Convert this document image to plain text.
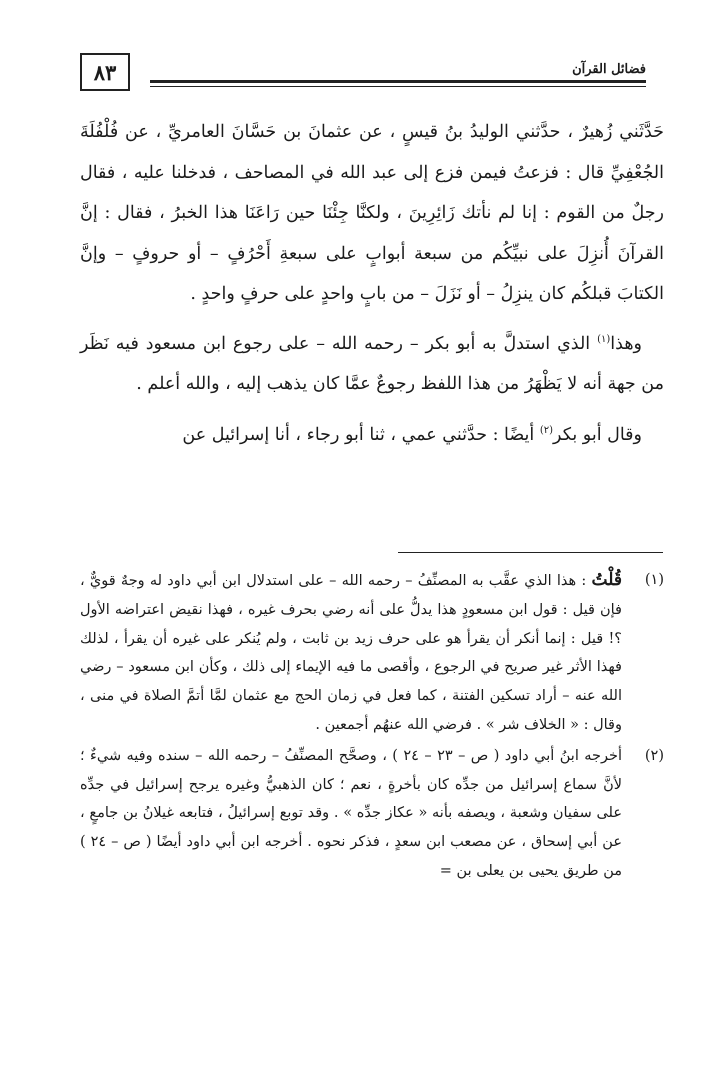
٨٣	فضائل القرآن

حَدَّثَني زُهيرٌ ، حدَّثني الوليدُ بنُ قيسٍ ، عن عثمانَ بن حَسَّانَ العامريِّ ، عن فُلْفُلَةَ الجُعْفِيِّ قال : فزعتُ فيمن فزع إلى عبد الله في المصاحف ، فدخلنا عليه ، فقال رجلٌ من القوم : إنا لم نأتك زَائِرِينَ ، ولكنَّا جِئْنَا حين رَاعَنَا هذا الخبرُ ، فقال : إنَّ القرآنَ أُنزِلَ على نبيِّكُم من سبعة أبوابٍ على سبعةِ أَحْرُفٍ – أو حروفٍ – وإنَّ الكتابَ قبلكُم كان ينزِلُ – أو نَزَلَ – من بابٍ واحدٍ على حرفٍ واحدٍ .

وهذا$^{(١)}$ الذي استدلَّ به أبو بكر – رحمه الله – على رجوع ابن مسعود فيه نَظَر من جهة أنه لا يَظْهَرُ من هذا اللفظ رجوعٌ عمَّا كان يذهب إليه ، والله أعلم .

وقال أبو بكر$^{(٢)}$ أيضًا : حدَّثني عمي ، ثنا أبو رجاء ، أنا إسرائيل عن

(١)
قُلْتُ : هذا الذي عقَّب به المصنِّفُ – رحمه الله – على استدلال ابن أبي داود له وجهٌ قويٌّ ، فإن قيل : قول ابن مسعودٍ هذا يدلُّ على أنه رضي بحرف غيره ، فهذا نقيض اعتراضه الأول ؟! قيل : إنما أنكر أن يقرأ هو على حرف زيد بن ثابت ، ولم يُنكر على غيره أن يقرأ ، لذلك فهذا الأثر غير صريح في الرجوع ، وأقصى ما فيه الإيماء إلى ذلك ، وكأن ابن مسعود – رضي الله عنه – أراد تسكين الفتنة ، كما فعل في زمان الحج مع عثمان لمَّا أتمَّ الصلاة في منى ، وقال : « الخلاف شر » . فرضي الله عنهُم أجمعين .
(٢)
أخرجه ابنُ أبي داود ( ص – ٢٣ – ٢٤ ) ، وصحَّح المصنِّفُ – رحمه الله – سنده وفيه شيءٌ ؛ لأنَّ سماع إسرائيل من جدِّه كان بأخرةٍ ، نعم ؛ كان الذهبيُّ وغيره يرجح إسرائيل في جدِّه على سفيان وشعبة ، ويصفه بأنه « عكاز جدِّه » . وقد توبع إسرائيلُ ، فتابعه غيلانُ بن جامعٍ ، عن أبي إسحاق ، عن مصعب ابن سعدٍ ، فذكر نحوه . أخرجه ابن أبي داود أيضًا ( ص – ٢٤ ) من طريق يحيى بن يعلى بن =
